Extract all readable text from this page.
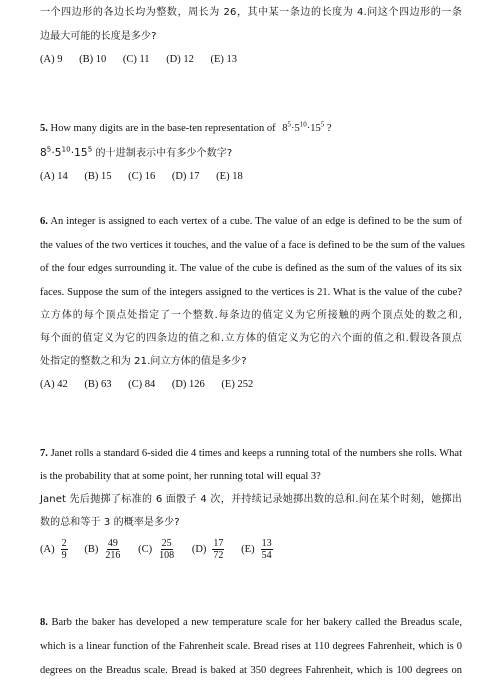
一个四边形的各边长均为整数，周长为 26，其中某一条边的长度为 4.问这个四边形的一条
边最大可能的长度是多少?
(A) 9 (B) 10 (C) 11 (D) 12 (E) 13
5. How many digits are in the base-ten representation of $8^5\cdot 5^{10}\cdot 15^5$ ?
$8^5\cdot 5^{10}\cdot 15^5$ 的十进制表示中有多少个数字?
(A) 14 (B) 15 (C) 16 (D) 17 (E) 18
6. An integer is assigned to each vertex of a cube. The value of an edge is defined to be the sum of
the values of the two vertices it touches, and the value of a face is defined to be the sum of the values
of the four edges surrounding it. The value of the cube is defined as the sum of the values of its six
faces. Suppose the sum of the integers assigned to the vertices is 21. What is the value of the cube?
立方体的每个顶点处指定了一个整数.每条边的值定义为它所接触的两个顶点处的数之和,
每个面的值定义为它的四条边的值之和.立方体的值定义为它的六个面的值之和.假设各顶点
处指定的整数之和为 21.问立方体的值是多少?
(A) 42 (B) 63 (C) 84 (D) 126 (E) 252
7. Janet rolls a standard 6-sided die 4 times and keeps a running total of the numbers she rolls. What
is the probability that at some point, her running total will equal 3?
Janet 先后抛掷了标准的 6 面骰子 4 次，并持续记录她掷出数的总和.问在某个时刻，她掷出
数的总和等于 3 的概率是多少?
$(A) \frac{2}{9}$
$(B) \frac{49}{216}$
$(C) \frac{25}{108}$
$(D) \frac{17}{72}$
$(E) \frac{13}{54}$
8. Barb the baker has developed a new temperature scale for her bakery called the Breadus scale,
which is a linear function of the Fahrenheit scale. Bread rises at 110 degrees Fahrenheit, which is 0
degrees on the Breadus scale. Bread is baked at 350 degrees Fahrenheit, which is 100 degrees on
